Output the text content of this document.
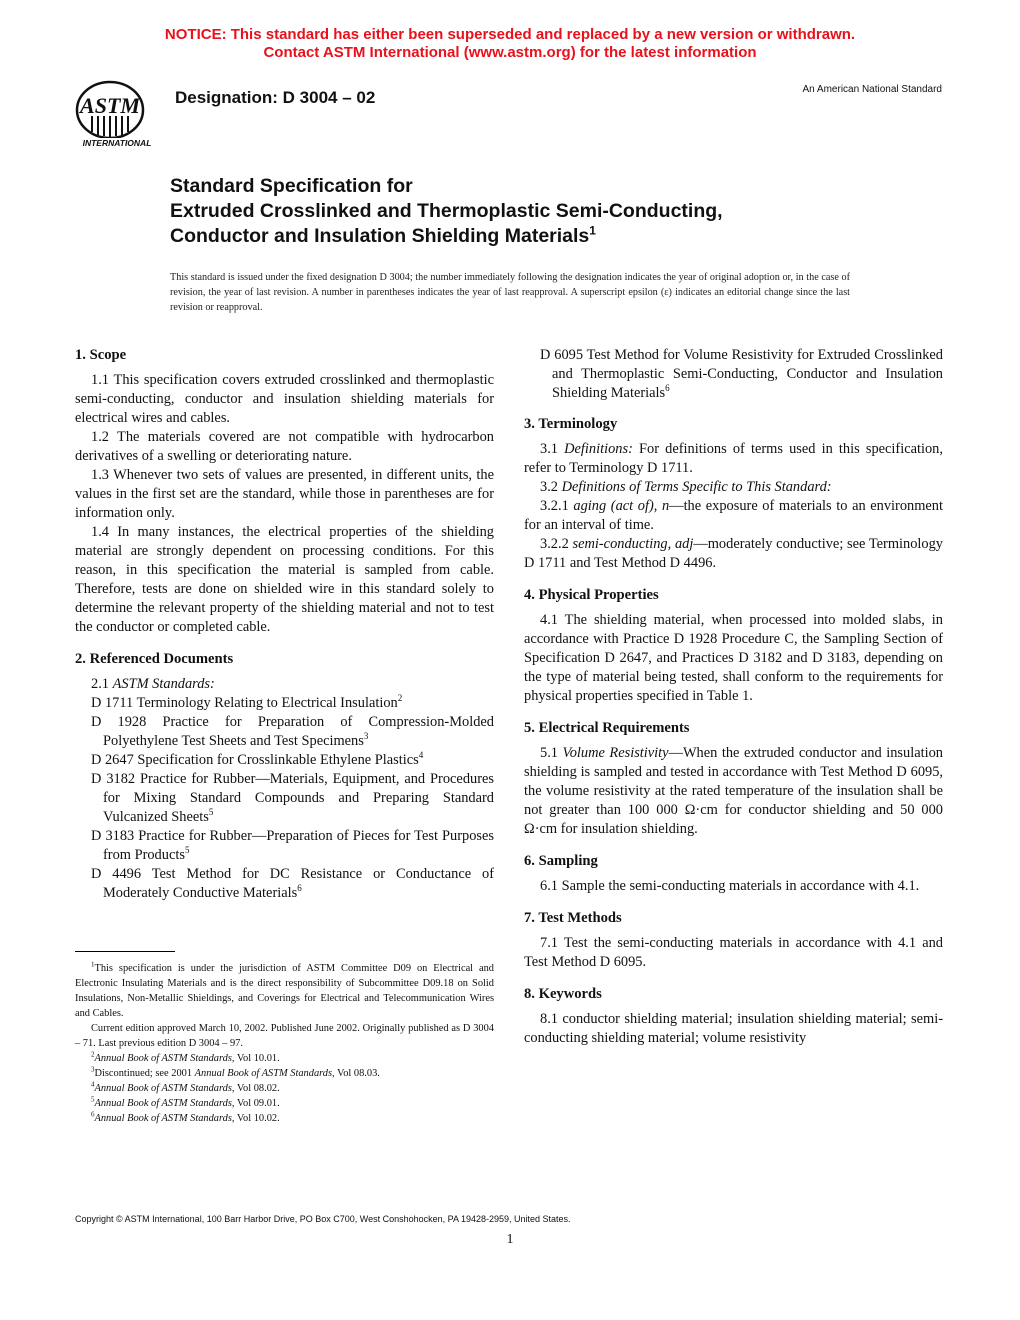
NOTICE: This standard has either been superseded and replaced by a new version or withdrawn.
Contact ASTM International (www.astm.org) for the latest information
ASTM
INTERNATIONAL
Designation: D 3004 – 02	An American National Standard
Standard Specification for
Extruded Crosslinked and Thermoplastic Semi-Conducting,
Conductor and Insulation Shielding Materials$^1$
This standard is issued under the fixed designation D 3004; the number immediately following the designation indicates the year of original adoption or, in the case of revision, the year of last revision. A number in parentheses indicates the year of last reapproval. A superscript epsilon (ε) indicates an editorial change since the last revision or reapproval.
1. Scope

1.1 This specification covers extruded crosslinked and thermoplastic semi-conducting, conductor and insulation shielding materials for electrical wires and cables.

1.2 The materials covered are not compatible with hydrocarbon derivatives of a swelling or deteriorating nature.

1.3 Whenever two sets of values are presented, in different units, the values in the first set are the standard, while those in parentheses are for information only.

1.4 In many instances, the electrical properties of the shielding material are strongly dependent on processing conditions. For this reason, in this specification the material is sampled from cable. Therefore, tests are done on shielded wire in this standard solely to determine the relevant property of the shielding material and not to test the conductor or completed cable.

2. Referenced Documents

2.1 ASTM Standards:

D 1711 Terminology Relating to Electrical Insulation$^2$

D 1928 Practice for Preparation of Compression-Molded Polyethylene Test Sheets and Test Specimens$^3$

D 2647 Specification for Crosslinkable Ethylene Plastics$^4$

D 3182 Practice for Rubber—Materials, Equipment, and Procedures for Mixing Standard Compounds and Preparing Standard Vulcanized Sheets$^5$

D 3183 Practice for Rubber—Preparation of Pieces for Test Purposes from Products$^5$

D 4496 Test Method for DC Resistance or Conductance of Moderately Conductive Materials$^6$

D 6095 Test Method for Volume Resistivity for Extruded Crosslinked and Thermoplastic Semi-Conducting, Conductor and Insulation Shielding Materials$^6$

3. Terminology

3.1 Definitions: For definitions of terms used in this specification, refer to Terminology D 1711.

3.2 Definitions of Terms Specific to This Standard:

3.2.1 aging (act of), n—the exposure of materials to an environment for an interval of time.

3.2.2 semi-conducting, adj—moderately conductive; see Terminology D 1711 and Test Method D 4496.

4. Physical Properties

4.1 The shielding material, when processed into molded slabs, in accordance with Practice D 1928 Procedure C, the Sampling Section of Specification D 2647, and Practices D 3182 and D 3183, depending on the type of material being tested, shall conform to the requirements for physical properties specified in Table 1.

5. Electrical Requirements

5.1 Volume Resistivity—When the extruded conductor and insulation shielding is sampled and tested in accordance with Test Method D 6095, the volume resistivity at the rated temperature of the insulation shall be not greater than 100 000 Ω·cm for conductor shielding and 50 000 Ω·cm for insulation shielding.

6. Sampling

6.1 Sample the semi-conducting materials in accordance with 4.1.

7. Test Methods

7.1 Test the semi-conducting materials in accordance with 4.1 and Test Method D 6095.

8. Keywords

8.1 conductor shielding material; insulation shielding material; semi-conducting shielding material; volume resistivity

$^1$This specification is under the jurisdiction of ASTM Committee D09 on Electrical and Electronic Insulating Materials and is the direct responsibility of Subcommittee D09.18 on Solid Insulations, Non-Metallic Shieldings, and Coverings for Electrical and Telecommunication Wires and Cables.

Current edition approved March 10, 2002. Published June 2002. Originally published as D 3004 – 71. Last previous edition D 3004 – 97.

$^2$Annual Book of ASTM Standards, Vol 10.01.

$^3$Discontinued; see 2001 Annual Book of ASTM Standards, Vol 08.03.

$^4$Annual Book of ASTM Standards, Vol 08.02.

$^5$Annual Book of ASTM Standards, Vol 09.01.

$^6$Annual Book of ASTM Standards, Vol 10.02.

Copyright © ASTM International, 100 Barr Harbor Drive, PO Box C700, West Conshohocken, PA 19428-2959, United States.
1
